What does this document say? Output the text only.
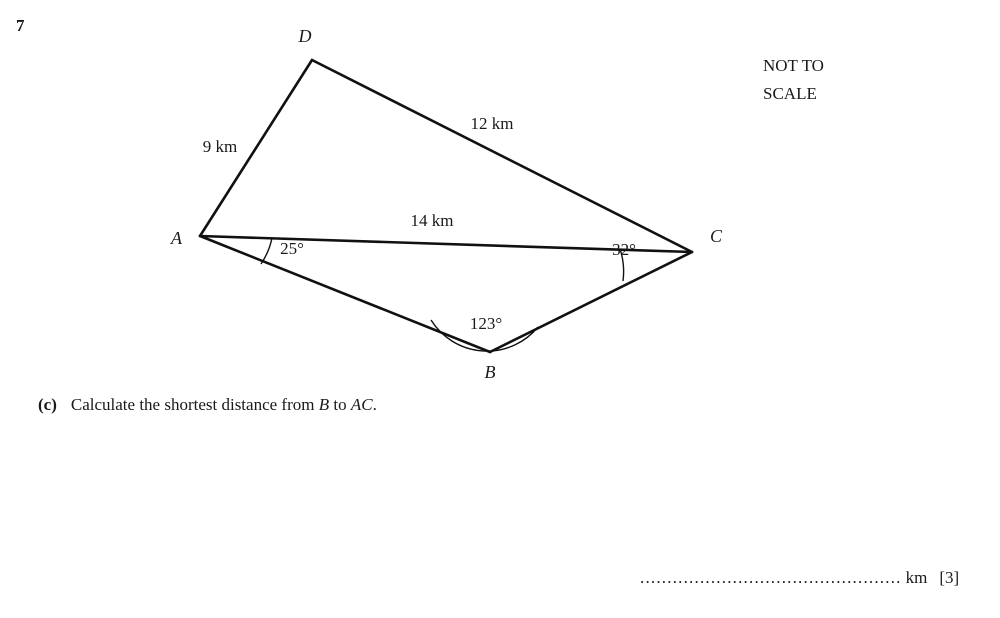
7
A
D
C
B
9 km
12 km
14 km
25°
123°
32°
NOT TO
SCALE
(c) Calculate the shortest distance from B to AC.
................................................ km [3]
